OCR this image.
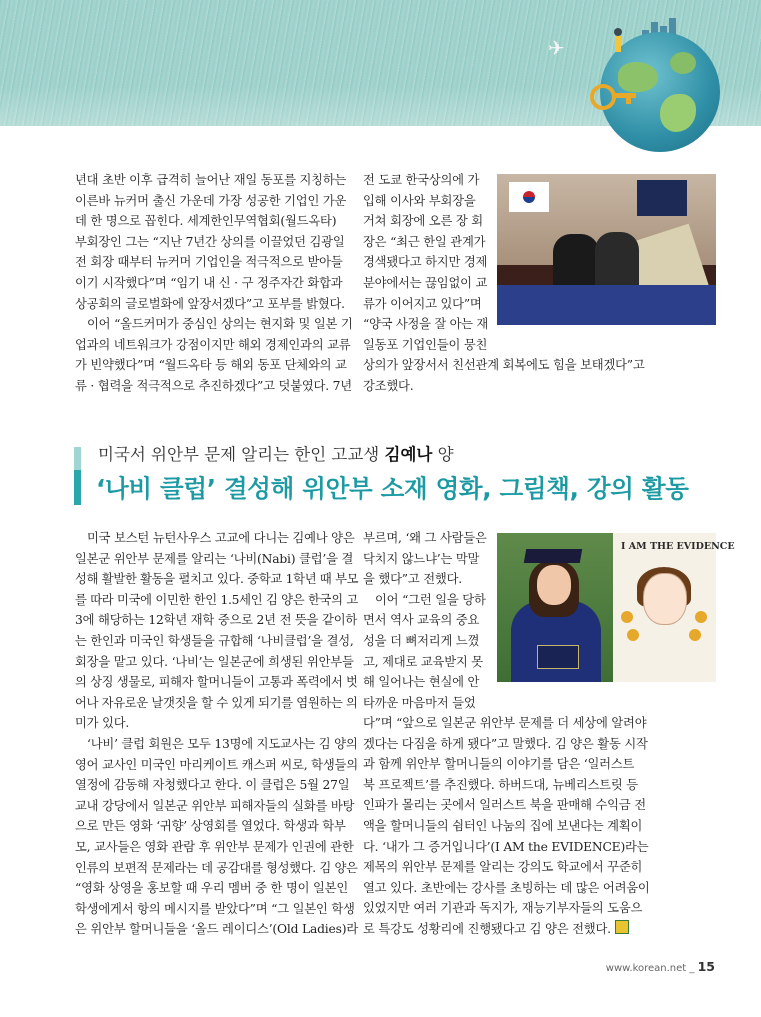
✈
년대 초반 이후 급격히 늘어난 재일 동포를 지칭하는
이른바 뉴커머 출신 가운데 가장 성공한 기업인 가운
데 한 명으로 꼽힌다. 세계한인무역협회(월드옥타)
부회장인 그는 “지난 7년간 상의를 이끌었던 김광일
전 회장 때부터 뉴커머 기업인을 적극적으로 받아들
이기 시작했다”며 “임기 내 신 · 구 정주자간 화합과
상공회의 글로벌화에 앞장서겠다”고 포부를 밝혔다.
이어 “올드커머가 중심인 상의는 현지화 및 일본 기
업과의 네트워크가 강점이지만 해외 경제인과의 교류
가 빈약했다”며 “월드옥타 등 해외 동포 단체와의 교
류 · 협력을 적극적으로 추진하겠다”고 덧붙였다. 7년
전 도쿄 한국상의에 가
입해 이사와 부회장을
거쳐 회장에 오른 장 회
장은 “최근 한일 관계가
경색됐다고 하지만 경제
분야에서는 끊임없이 교
류가 이어지고 있다”며
“양국 사정을 잘 아는 재
일동포 기업인들이 뭉친
상의가 앞장서서 친선관계 회복에도 힘을 보태겠다”고
강조했다.
미국서 위안부 문제 알리는 한인 고교생 김예나 양
‘나비 클럽’ 결성해 위안부 소재 영화, 그림책, 강의 활동
미국 보스턴 뉴턴사우스 고교에 다니는 김예나 양은
일본군 위안부 문제를 알리는 ‘나비(Nabi) 클럽’을 결
성해 활발한 활동을 펼치고 있다. 중학교 1학년 때 부모
를 따라 미국에 이민한 한인 1.5세인 김 양은 한국의 고
3에 해당하는 12학년 재학 중으로 2년 전 뜻을 같이하
는 한인과 미국인 학생들을 규합해 ‘나비클럽’을 결성,
회장을 맡고 있다. ‘나비’는 일본군에 희생된 위안부들
의 상징 생물로, 피해자 할머니들이 고통과 폭력에서 벗
어나 자유로운 날갯짓을 할 수 있게 되기를 염원하는 의
미가 있다.
‘나비’ 클럽 회원은 모두 13명에 지도교사는 김 양의
영어 교사인 미국인 마리케이트 캐스퍼 씨로, 학생들의
열정에 감동해 자청했다고 한다. 이 클럽은 5월 27일
교내 강당에서 일본군 위안부 피해자들의 실화를 바탕
으로 만든 영화 ‘귀향’ 상영회를 열었다. 학생과 학부
모, 교사들은 영화 관람 후 위안부 문제가 인권에 관한
인류의 보편적 문제라는 데 공감대를 형성했다. 김 양은
“영화 상영을 홍보할 때 우리 멤버 중 한 명이 일본인
학생에게서 항의 메시지를 받았다”며 “그 일본인 학생
은 위안부 할머니들을 ‘올드 레이디스’(Old Ladies)라
부르며, ‘왜 그 사람들은
닥치지 않느냐’는 막말
을 했다”고 전했다.
이어 “그런 일을 당하
면서 역사 교육의 중요
성을 더 뼈저리게 느꼈
고, 제대로 교육받지 못
해 일어나는 현실에 안
타까운 마음마저 들었
다”며 “앞으로 일본군 위안부 문제를 더 세상에 알려야
겠다는 다짐을 하게 됐다”고 말했다. 김 양은 활동 시작
과 함께 위안부 할머니들의 이야기를 담은 ‘일러스트
북 프로젝트’를 추진했다. 하버드대, 뉴베리스트릿 등
인파가 몰리는 곳에서 일러스트 북을 판매해 수익금 전
액을 할머니들의 쉼터인 나눔의 집에 보낸다는 계획이
다. ‘내가 그 증거입니다’(I AM the EVIDENCE)라는
제목의 위안부 문제를 알리는 강의도 학교에서 꾸준히
열고 있다. 초반에는 강사를 초빙하는 데 많은 어려움이
있었지만 여러 기관과 독지가, 재능기부자들의 도움으
로 특강도 성황리에 진행됐다고 김 양은 전했다.
I AM THE EVIDENCE
www.korean.net _ 15
